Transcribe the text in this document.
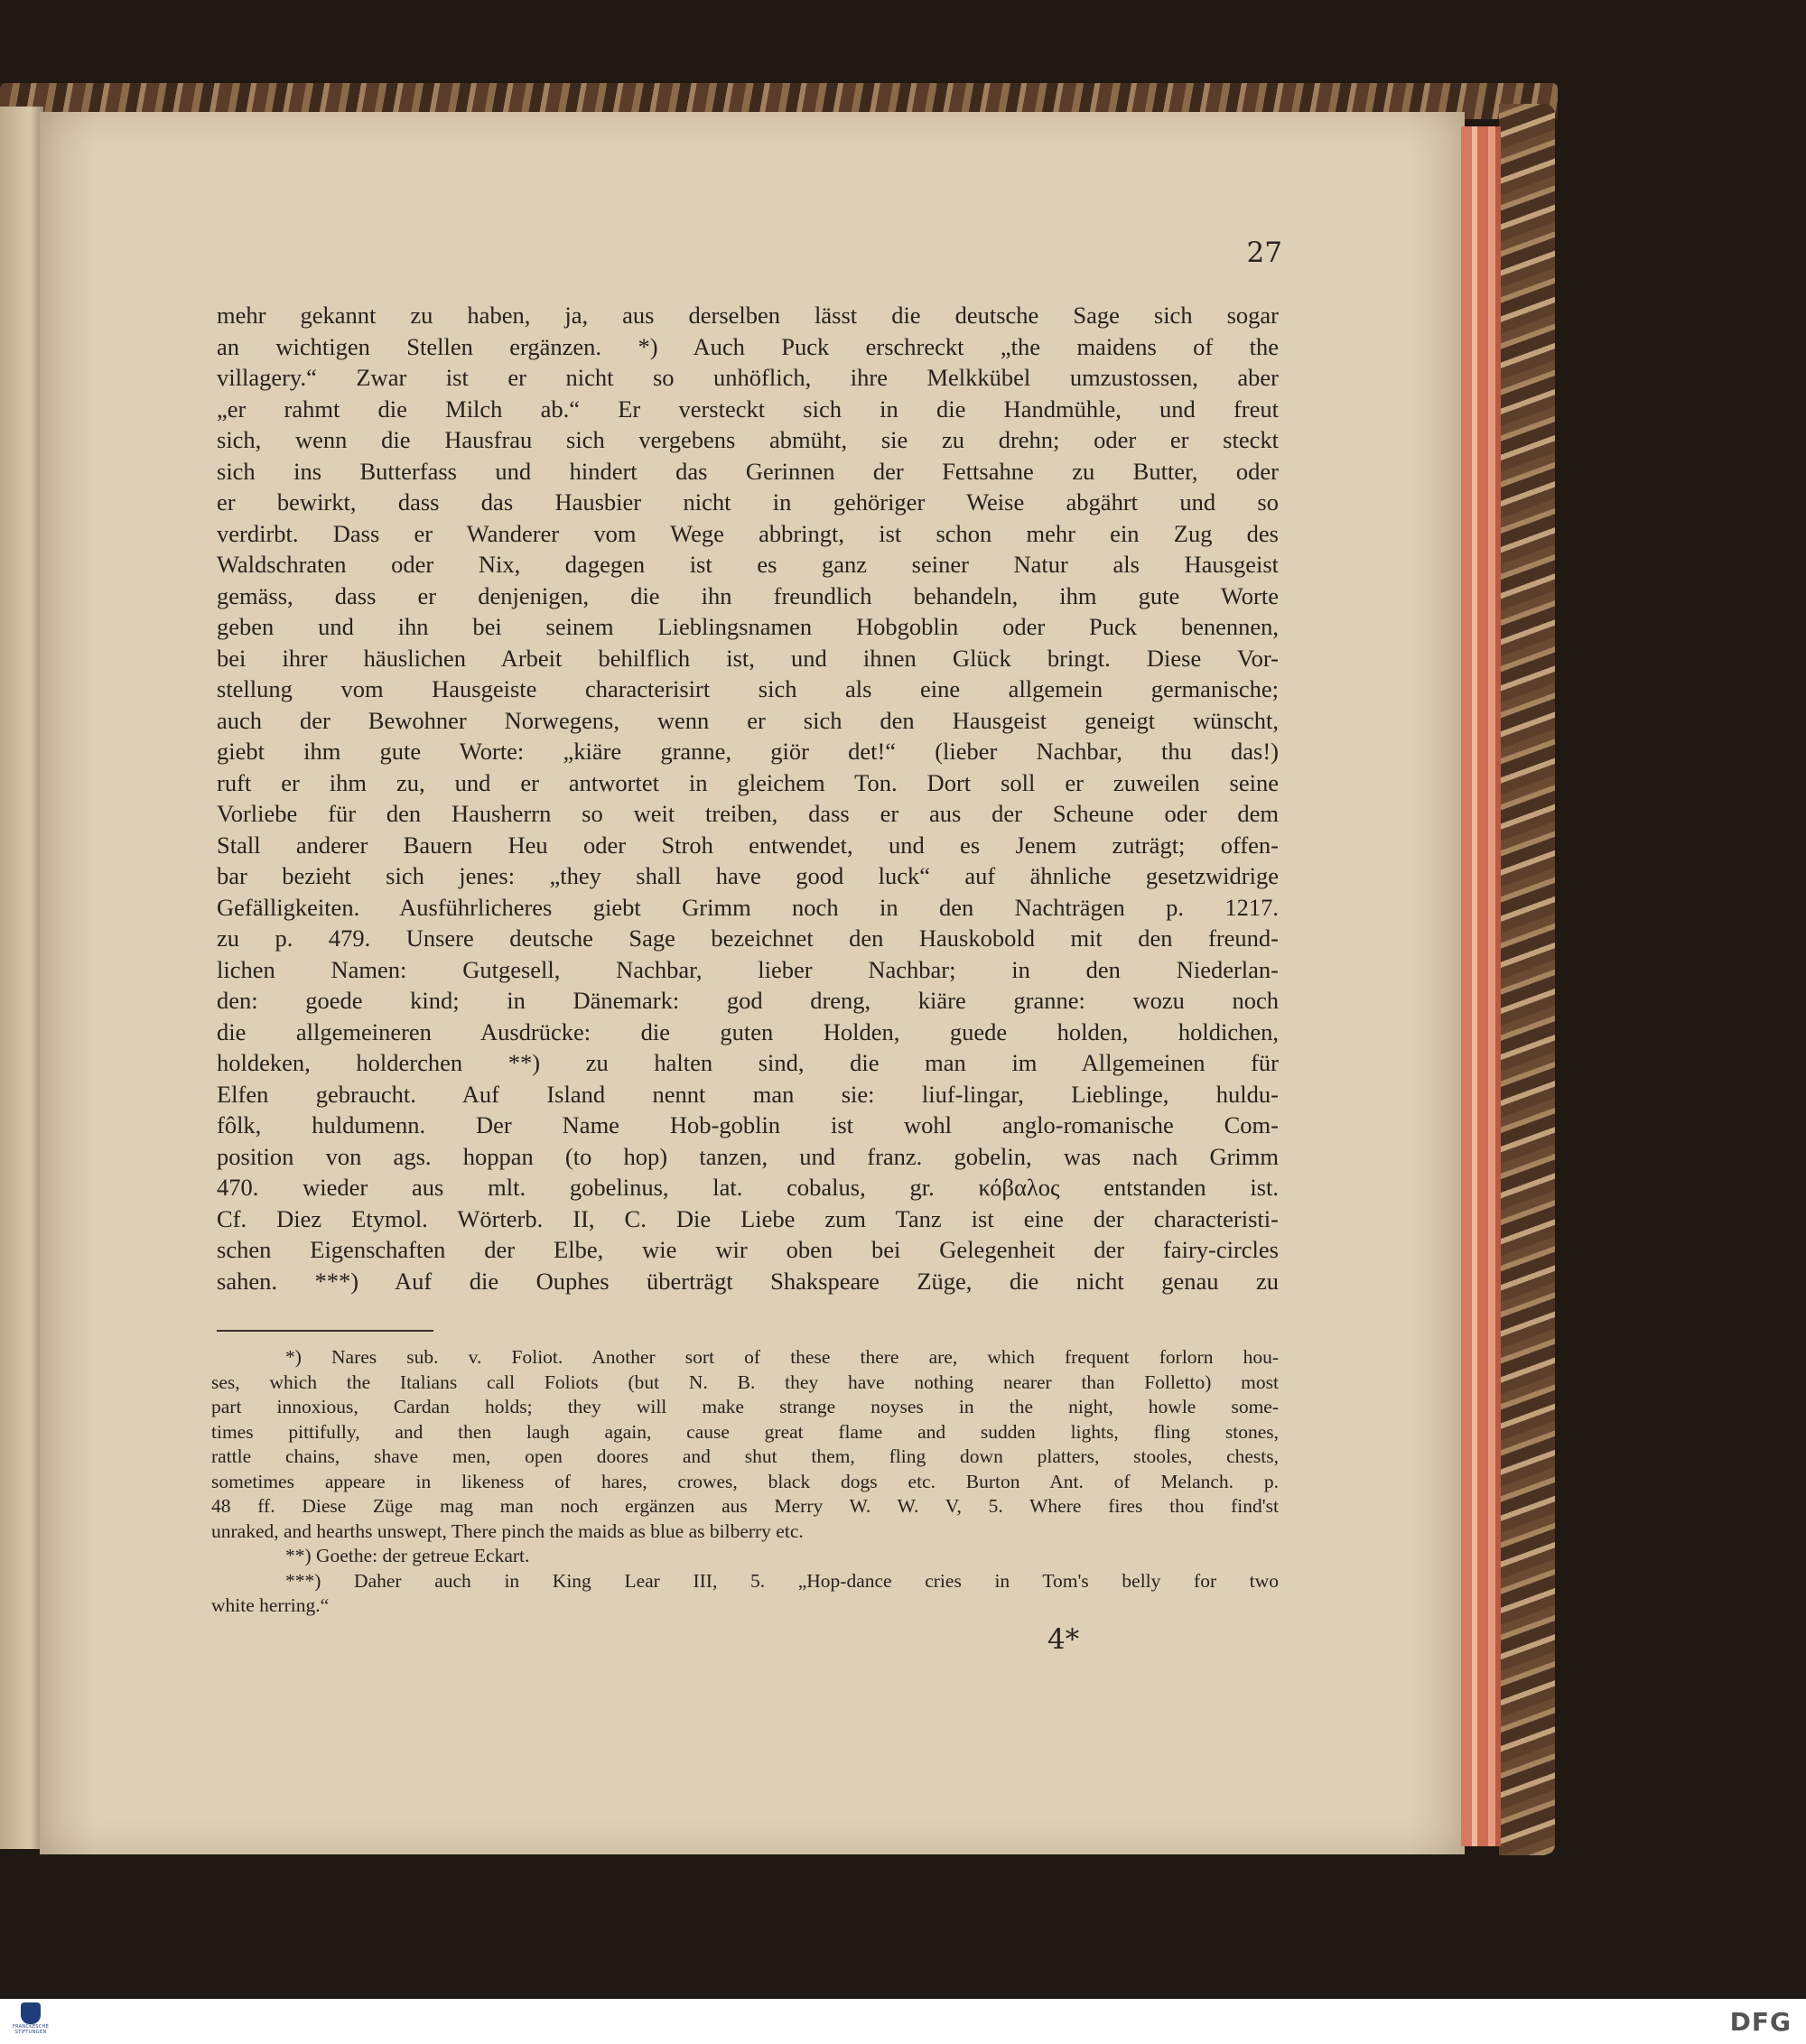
27
mehr gekannt zu haben, ja, aus derselben lässt die deutsche Sage sich sogar
an wichtigen Stellen ergänzen. *) Auch Puck erschreckt „the maidens of the
villagery.“ Zwar ist er nicht so unhöflich, ihre Melkkübel umzustossen, aber
„er rahmt die Milch ab.“ Er versteckt sich in die Handmühle, und freut
sich, wenn die Hausfrau sich vergebens abmüht, sie zu drehn; oder er steckt
sich ins Butterfass und hindert das Gerinnen der Fettsahne zu Butter, oder
er bewirkt, dass das Hausbier nicht in gehöriger Weise abgährt und so
verdirbt. Dass er Wanderer vom Wege abbringt, ist schon mehr ein Zug des
Waldschraten oder Nix, dagegen ist es ganz seiner Natur als Hausgeist
gemäss, dass er denjenigen, die ihn freundlich behandeln, ihm gute Worte
geben und ihn bei seinem Lieblingsnamen Hobgoblin oder Puck benennen,
bei ihrer häuslichen Arbeit behilflich ist, und ihnen Glück bringt. Diese Vor-
stellung vom Hausgeiste characterisirt sich als eine allgemein germanische;
auch der Bewohner Norwegens, wenn er sich den Hausgeist geneigt wünscht,
giebt ihm gute Worte: „kiäre granne, giör det!“ (lieber Nachbar, thu das!)
ruft er ihm zu, und er antwortet in gleichem Ton. Dort soll er zuweilen seine
Vorliebe für den Hausherrn so weit treiben, dass er aus der Scheune oder dem
Stall anderer Bauern Heu oder Stroh entwendet, und es Jenem zuträgt; offen-
bar bezieht sich jenes: „they shall have good luck“ auf ähnliche gesetzwidrige
Gefälligkeiten. Ausführlicheres giebt Grimm noch in den Nachträgen p. 1217.
zu p. 479. Unsere deutsche Sage bezeichnet den Hauskobold mit den freund-
lichen Namen: Gutgesell, Nachbar, lieber Nachbar; in den Niederlan-
den: goede kind; in Dänemark: god dreng, kiäre granne: wozu noch
die allgemeineren Ausdrücke: die guten Holden, guede holden, holdichen,
holdeken, holderchen **) zu halten sind, die man im Allgemeinen für
Elfen gebraucht. Auf Island nennt man sie: liuf-lingar, Lieblinge, huldu-
fôlk, huldumenn. Der Name Hob-goblin ist wohl anglo-romanische Com-
position von ags. hoppan (to hop) tanzen, und franz. gobelin, was nach Grimm
470. wieder aus mlt. gobelinus, lat. cobalus, gr. κόβαλος entstanden ist.
Cf. Diez Etymol. Wörterb. II, C. Die Liebe zum Tanz ist eine der characteristi-
schen Eigenschaften der Elbe, wie wir oben bei Gelegenheit der fairy-circles
sahen. ***) Auf die Ouphes überträgt Shakspeare Züge, die nicht genau zu
*) Nares sub. v. Foliot. Another sort of these there are, which frequent forlorn hou-
ses, which the Italians call Foliots (but N. B. they have nothing nearer than Folletto) most
part innoxious, Cardan holds; they will make strange noyses in the night, howle some-
times pittifully, and then laugh again, cause great flame and sudden lights, fling stones,
rattle chains, shave men, open doores and shut them, fling down platters, stooles, chests,
sometimes appeare in likeness of hares, crowes, black dogs etc. Burton Ant. of Melanch. p.
48 ff. Diese Züge mag man noch ergänzen aus Merry W. W. V, 5. Where fires thou find'st
unraked, and hearths unswept, There pinch the maids as blue as bilberry etc.
**) Goethe: der getreue Eckart.
***) Daher auch in King Lear III, 5. „Hop-dance cries in Tom's belly for two
white herring.“
4*
FRANCKESCHE STIFTUNGEN	DFG
